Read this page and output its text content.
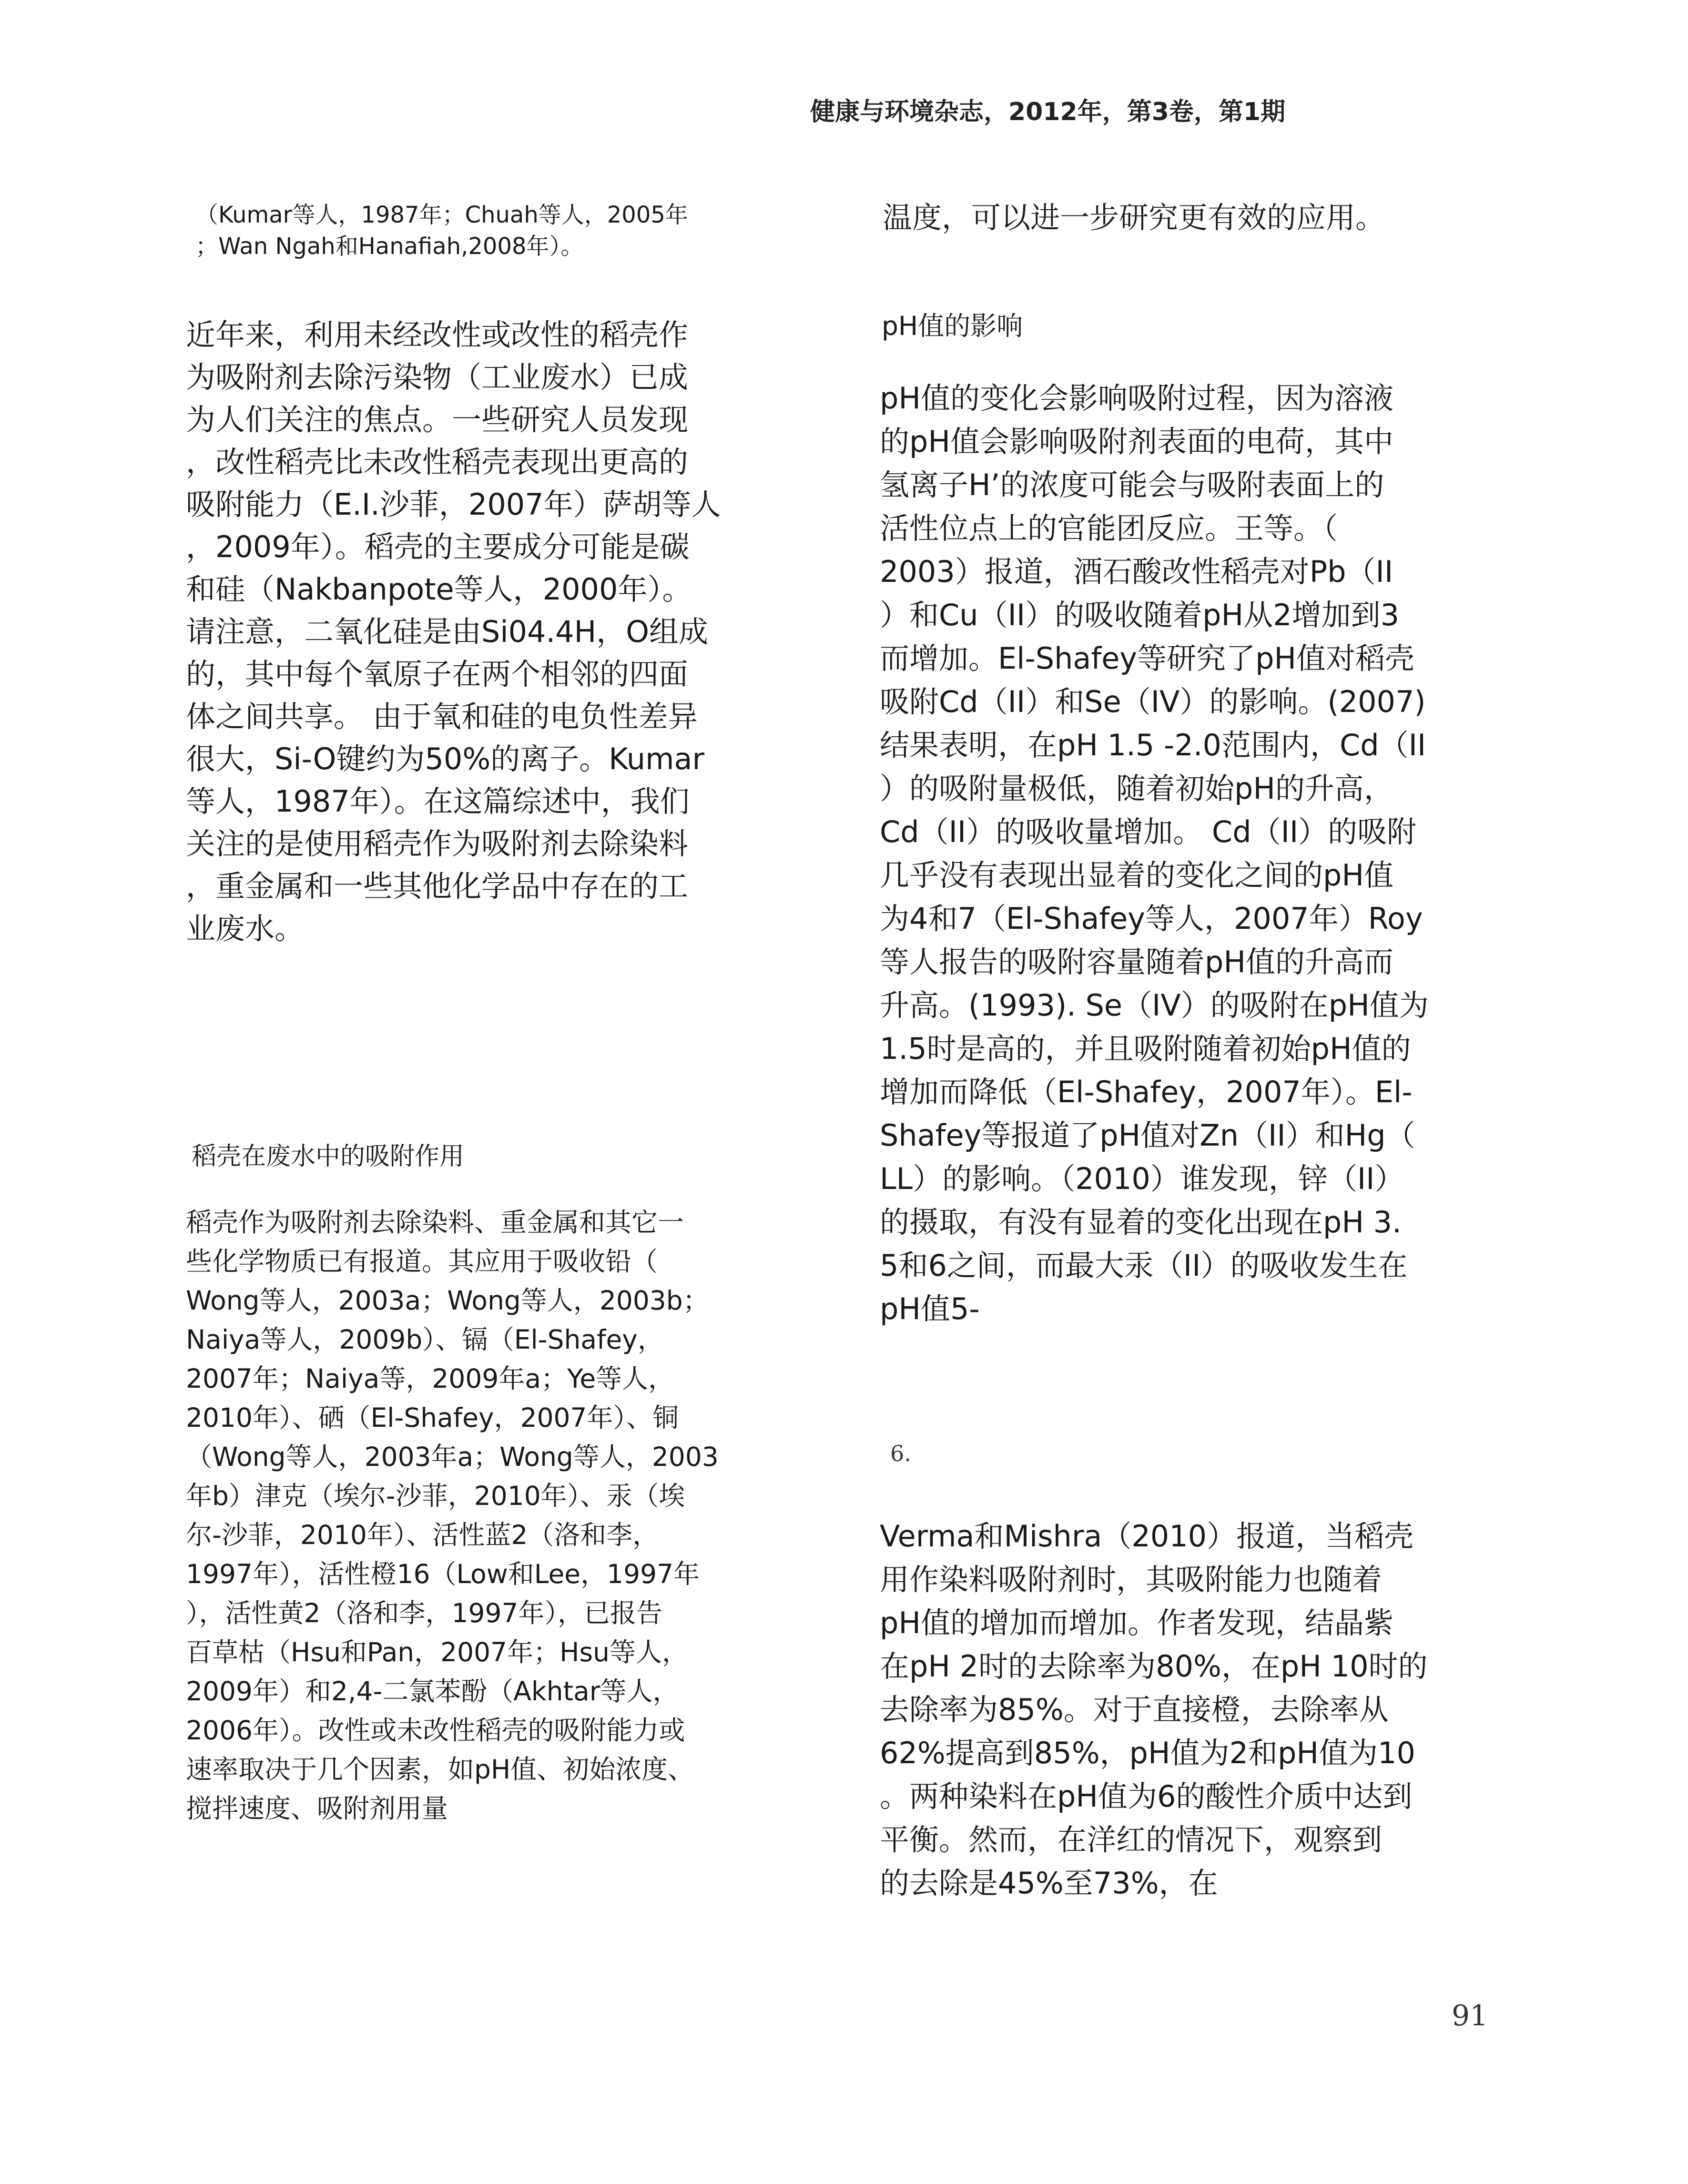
健康与环境杂志，2012年，第3卷，第1期
（Kumar等人，1987年；Chuah等人，2005年
；Wan Ngah和Hanafiah,2008年）。
近年来，利用未经改性或改性的稻壳作
为吸附剂去除污染物（工业废水）已成
为人们关注的焦点。一些研究人员发现
，改性稻壳比未改性稻壳表现出更高的
吸附能力（E.I.沙菲，2007年）萨胡等人
，2009年）。稻壳的主要成分可能是碳
和硅（Nakbanpote等人，2000年）。
请注意，二氧化硅是由Si04.4H，O组成
的，其中每个氧原子在两个相邻的四面
体之间共享。 由于氧和硅的电负性差异
很大，Si-O键约为50%的离子。Kumar
等人，1987年）。在这篇综述中，我们
关注的是使用稻壳作为吸附剂去除染料
，重金属和一些其他化学品中存在的工
业废水。
稻壳在废水中的吸附作用
稻壳作为吸附剂去除染料、重金属和其它一
些化学物质已有报道。其应用于吸收铅（
Wong等人，2003a；Wong等人，2003b；
Naiya等人，2009b）、镉（El-Shafey，
2007年；Naiya等，2009年a；Ye等人，
2010年）、硒（El-Shafey，2007年）、铜
（Wong等人，2003年a；Wong等人，2003
年b）津克（埃尔-沙菲，2010年）、汞（埃
尔-沙菲，2010年）、活性蓝2（洛和李，
1997年），活性橙16（Low和Lee，1997年
），活性黄2（洛和李，1997年），已报告
百草枯（Hsu和Pan，2007年；Hsu等人，
2009年）和2,4-二氯苯酚（Akhtar等人，
2006年）。改性或未改性稻壳的吸附能力或
速率取决于几个因素，如pH值、初始浓度、
搅拌速度、吸附剂用量
温度，可以进一步研究更有效的应用。
pH值的影响
pH值的变化会影响吸附过程，因为溶液
的pH值会影响吸附剂表面的电荷，其中
氢离子H’的浓度可能会与吸附表面上的
活性位点上的官能团反应。王等。（
2003）报道，酒石酸改性稻壳对Pb（II
）和Cu（II）的吸收随着pH从2增加到3
而增加。El-Shafey等研究了pH值对稻壳
吸附Cd（II）和Se（IV）的影响。(2007)
结果表明，在pH 1.5 -2.0范围内，Cd（II
）的吸附量极低，随着初始pH的升高，
Cd（II）的吸收量增加。 Cd（II）的吸附
几乎没有表现出显着的变化之间的pH值
为4和7（El-Shafey等人，2007年）Roy
等人报告的吸附容量随着pH值的升高而
升高。(1993). Se（IV）的吸附在pH值为
1.5时是高的，并且吸附随着初始pH值的
增加而降低（El-Shafey，2007年）。El-
Shafey等报道了pH值对Zn（II）和Hg（
LL）的影响。（2010）谁发现，锌（II）
的摄取，有没有显着的变化出现在pH 3.
5和6之间，而最大汞（II）的吸收发生在
pH值5-
6.
Verma和Mishra（2010）报道，当稻壳
用作染料吸附剂时，其吸附能力也随着
pH值的增加而增加。作者发现，结晶紫
在pH 2时的去除率为80%，在pH 10时的
去除率为85%。对于直接橙，去除率从
62%提高到85%，pH值为2和pH值为10
。两种染料在pH值为6的酸性介质中达到
平衡。然而，在洋红的情况下，观察到
的去除是45%至73%，在
91
